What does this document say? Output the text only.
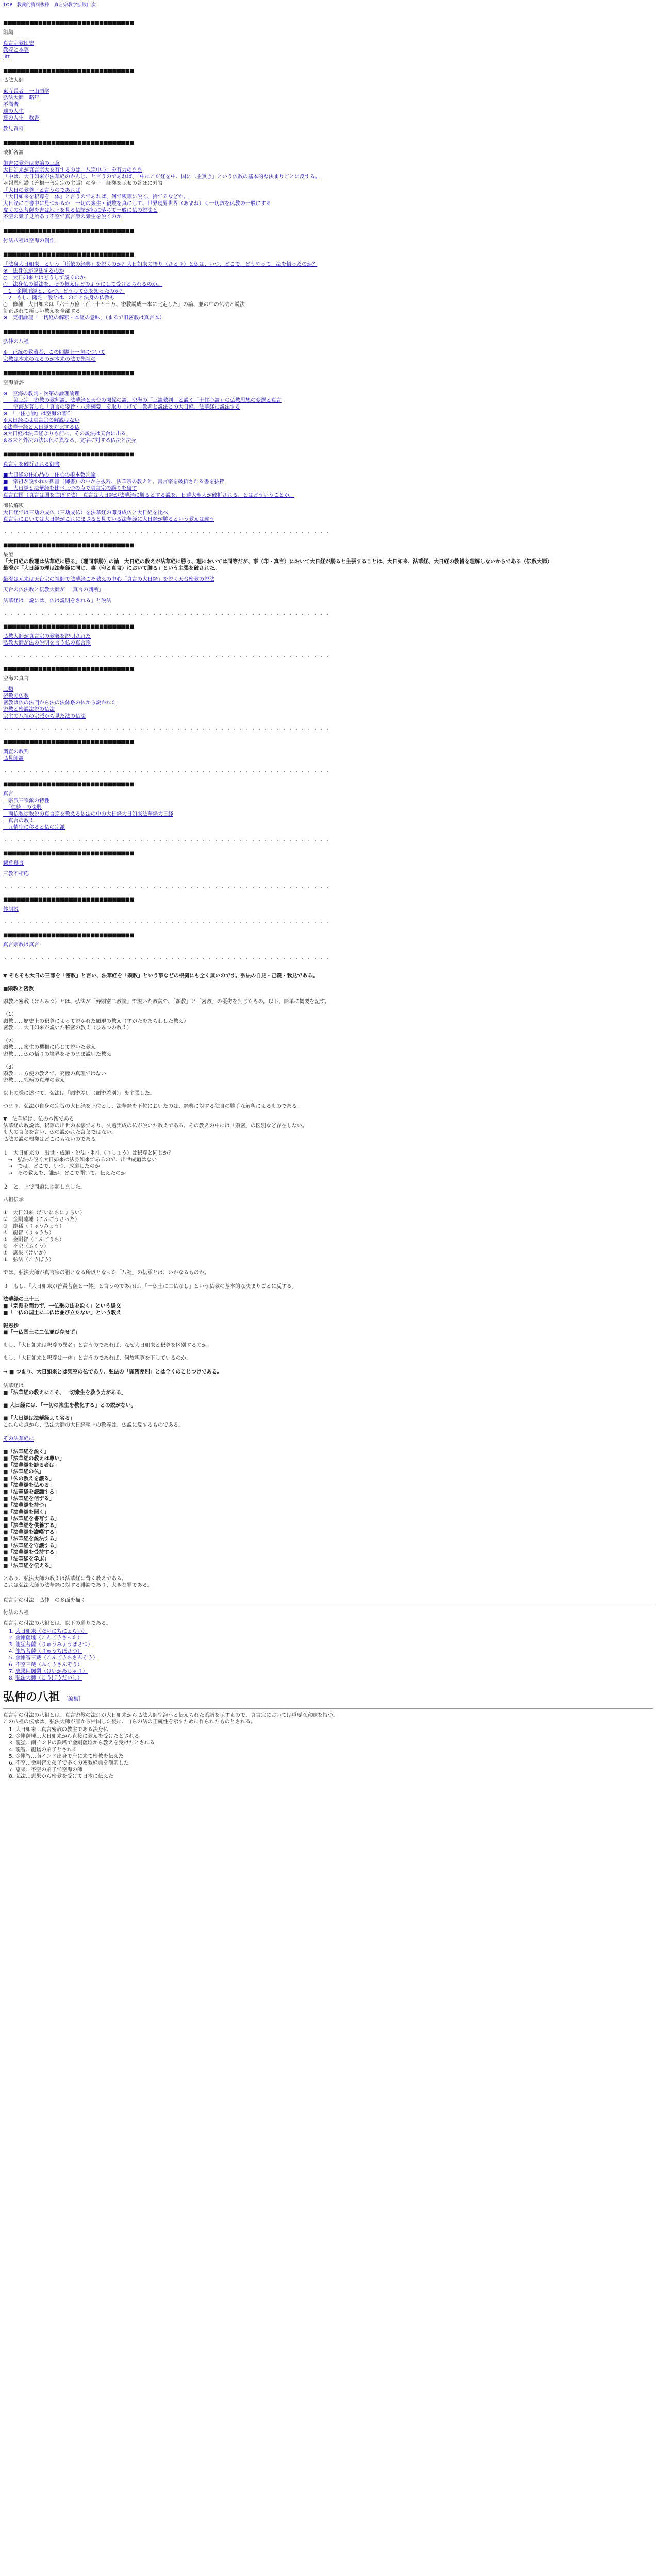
TOP 教義的資料抜粋 真言宗教学拡散目次
■■■■■■■■■■■■■■■■■■■■■■■■■■■■■■
組織
真言宗教団史
教義と本尊
litt
■■■■■■■■■■■■■■■■■■■■■■■■■■■■■■
弘法大師
東寺長者　一山碩学
弘法大師　略年
不満者
達の人生
達の人生　教書
教見資料
■■■■■■■■■■■■■■■■■■■■■■■■■■■■■■
破折各論
御書に教外は史論の三意
大日如来が真言宗大を有するのは「八宗中心」を有力のまま
「中は、大日如来が法華経のかんじ、と言うのであれば、「中にこだ経を中、国に二主無き」という仏教の基本的な決まりごとに反する。
＊報恩理讃（善根一善宗宗の主張）の全ー　証拠を示せの答ほに対答
「大日の教尊／と言うのであれば
「大日如来を釈尊を一体」と言うのであれば、何で釈尊に説く、捨てるなどか。
大日経にご書中に見つかるか　一切の衆生・親数を真にして、世界現界世界（あまね）く一切数を仏教の一般にする
皮くの仏菩薩を書は地上を見る仏陀が地に落ちて一般に仏の説法と
不空の衆子見所あり不空で真言衆の衆生を説くのか
■■■■■■■■■■■■■■■■■■■■■■■■■■■■■■
付法八祖は空海の創作
■■■■■■■■■■■■■■■■■■■■■■■■■■■■■■
「法身大日如来」という「所依の経典」を説くのか？大日如来の悟り（さとり）と仏は、いつ、どこで、どうやって、法を悟ったのか？
※　法身仏が説法するのか
○　大日如来とはどうして説くのか
○　法身仏の説法を、その教えはどのようにして受けとられるのか。
　1　金剛頂経と、かつ、どうして仏を知ったのか？
　2　もし、随陀一般とは、のこと法身の仏教も
○　修種　大日如来は「六十万億三百三十と十万、密教説成一本に比定した」の論、並の中の仏法と説法
訂正されて新しい教えを全部する
※　実相論理「一切経の解釈・本経の意味」（まるで旧密教は真言本）
■■■■■■■■■■■■■■■■■■■■■■■■■■■■■■
弘仲の八祖
※　正統の教蔵者、この問題上一向について
宗教は本来のなるのが本来の法で先祖の
■■■■■■■■■■■■■■■■■■■■■■■■■■■■■■
空海論評
※　空海の教判・次第の論理論理
　　第三宗　密教の教判論、法華経と天台の関係の論、空海の「三論教判」と説く「十住心論」の仏教思想の変遷と真言
　　空海が著した「真言の要旨・八宗綱要」を取り上げて一教判と説法との大日経、法華経に説法する
※　「十住心論」は空海の著作
※大日経には真言宗の解説はない
※法華一経と大日経を対比する仏
※大日経は法華経よりも前に、その説法は天台に出る
※本来と外法の法は仏に異なる、文字に対する仏法と法身
■■■■■■■■■■■■■■■■■■■■■■■■■■■■■■
真言宗を破折される御書
■大日経の住心品の十住心の根本教判論
■　宗祖が説かれた御書（御書）の中から抜粋、法華宗の教えと、真言宗を破折される書を抜粋
■　大日経と法華経を比べ三つの点で真言宗の誤りを破す
真言亡国（真言は国を亡ぼす法）　真言は大日経が法華経に勝るとする説を、日蓮大聖人が破折される、とはどういうことか。
御仏解釈
大日経では三劫の成仏（三劫成仏）を法華経の即身成仏と大日経を比べ
真言宗においては大日経がこれにまさると見ている法華経に大日経が勝るという教えは違う
・・・・・・・・・・・・・・・・・・・・・・・・・・・・・・・・・・・・・・・・・・・・・・・・・・・・・
■■■■■■■■■■■■■■■■■■■■■■■■■■■■■■
最澄
「大日経の教理は法華経に勝る」（理同事勝）の論　大日経の教えが法華経に勝り、理においては同等だが、事（印・真言）において大日経が勝ると主張することは、大日如来、法華経、大日経の教旨を理解しないからである（伝教大師）
最澄が「大日経の理は法華経に同じ、事（印と真言）において勝る」という主張を破された。
最澄は元来は天台宗の祖師で法華経こそ教えの中心「真言の大日経」を説く天台密教の説法
天台の仏法教と伝教大師が　「真言の判断」
法華経は「説には、仏は説明をされる」と説法
・・・・・・・・・・・・・・・・・・・・・・・・・・・・・・・・・・・・・・・・・・・・・・・・・・・・・
■■■■■■■■■■■■■■■■■■■■■■■■■■■■■■
弘教大師が真言宗の教義を説明された
弘教大師が法の説明を言う仏の真言宗
・・・・・・・・・・・・・・・・・・・・・・・・・・・・・・・・・・・・・・・・・・・・・・・・・・・・・
■■■■■■■■■■■■■■■■■■■■■■■■■■■■■■
空海の真言
三類
密教の仏教
密教は仏の法門から法の法体系の仏から説かれた
密教と密説法説の仏法
宗主の八祖の宗派から見た法の仏法
・・・・・・・・・・・・・・・・・・・・・・・・・・・・・・・・・・・・・・・・・・・・・・・・・・・・・
■■■■■■■■■■■■■■■■■■■■■■■■■■■■■■
調査の教判
弘見師論
・・・・・・・・・・・・・・・・・・・・・・・・・・・・・・・・・・・・・・・・・・・・・・・・・・・・・
■■■■■■■■■■■■■■■■■■■■■■■■■■■■■■
真言
　宗派三宗派の特性
　「仁徳」の法興
　両仏教徒教説の真言宗を教える仏法の中の大日経大日如来法華経大日経
　真言の教え
　元情空に移ると仏の宗派
・・・・・・・・・・・・・・・・・・・・・・・・・・・・・・・・・・・・・・・・・・・・・・・・・・・・・
■■■■■■■■■■■■■■■■■■■■■■■■■■■■■■
鎌倉真言
三教不相応
・・・・・・・・・・・・・・・・・・・・・・・・・・・・・・・・・・・・・・・・・・・・・・・・・・・・・
■■■■■■■■■■■■■■■■■■■■■■■■■■■■■■
体制説
・・・・・・・・・・・・・・・・・・・・・・・・・・・・・・・・・・・・・・・・・・・・・・・・・・・・・
■■■■■■■■■■■■■■■■■■■■■■■■■■■■■■
真言宗教は真言
・・・・・・・・・・・・・・・・・・・・・・・・・・・・・・・・・・・・・・・・・・・・・・・・・・・・・
▼ そもそも大日の三部を「密教」と言い、法華経を「顕教」という事などの根拠にも全く無いのです。弘法の自見・己義・我見である。
■顕教と密教
顕教と密教（けんみつ）とは、弘法が「弁顕密二教論」で説いた教義で、「顕教」と「密教」の優劣を判じたもの。以下、簡単に概要を記す。
（1）
顕教……歴史上の釈尊によって説かれた顕現の教え（すがたをあらわした教え）
密教……大日如来が説いた秘密の教え（ひみつの教え）
（2）
顕教……衆生の機根に応じて説いた教え
密教……仏の悟りの境界をそのまま説いた教え
（3）
顕教……方便の教えで、究極の真理ではない
密教……究極の真理の教え
以上の様に述べて、弘法は「顕密差別（顕密差別）」を主張した。
つまり、弘法が自身の宗旨の大日経を上位とし、法華経を下位においたのは、経典に対する独自の勝手な解釈によるものである。
▼　法華経は、仏の本懐である
法華経の教説は、釈尊の出世の本懐であり、久遠実成の仏が説いた教えである。その教えの中には「顕密」の区別など存在しない。
も人の言葉を言い、仏の説かれた言葉ではない。
弘法の説の根拠はどこにもないのである。
１　大日如来の　出世・成道・説法・利生（りしょう）は釈尊と同じか？
　→　弘法の説く大日如来は法身如来であるので、出世成道はない
　→　では、どこで、いつ、成道したのか
　→　その教えを、誰が、どこで聞いて、伝えたのか
２　と、上で問題に提起しました。
八祖伝承
①　大日如来（だいにちにょらい）
②　金剛薩埵（こんごうさった）
③　龍猛（りゅうみょう）
④　龍智（りゅうち）
⑤　金剛智（こんごうち）
⑥　不空（ふくう）
⑦　恵果（けいか）
⑧　弘法（こうぼう）
では、弘法大師が真言宗の祖となる所以となった「八祖」の伝承とは、いかなるものか。
３　もし、「大日如来が普賢菩薩と一体」と言うのであれば、「一仏土に二仏なし」という仏教の基本的な決まりごとに反する。
法華経の三十三
■「宗派を問わず、一仏乗の法を説く」という経文
■「一仏の国土に二仏は並び立たない」という教え
報恩抄
■「一仏国土に二仏並び存せず」
もし、「大日如来は釈尊の異名」と言うのであれば、なぜ大日如来と釈尊を区別するのか。
もし、「大日如来と釈尊は一体」と言うのであれば、何故釈尊を下しているのか。
→ ■ つまり、大日如来とは架空の仏であり、弘法の「顕密差別」とは全くのこじつけである。
法華経は
■「法華経の教えにこそ、一切衆生を救う力がある」
■ 大日経には、「一切の衆生を教化する」との説がない。
■「大日経は法華経より劣る」
これらの点から、弘法大師の大日経至上の教義は、仏説に反するものである。
その法華経に
■「法華経を説く」
■「法華経の教えは尊い」
■「法華経を謗る者は」
■「法華経の仏」
■「仏の教えを護る」
■「法華経を弘める」
■「法華経を読誦する」
■「法華経を信ずる」
■「法華経を持つ」
■「法華経を聞く」
■「法華経を書写する」
■「法華経を供養する」
■「法華経を讃嘆する」
■「法華経を説法する」
■「法華経を守護する」
■「法華経を受持する」
■「法華経を学ぶ」
■「法華経を伝える」
とあり、弘法大師の教えは法華経に背く教えである。
これは弘法大師の法華経に対する誹謗であり、大きな罪である。
真言宗の付法　弘仲　の多面を描く
付法の八祖
真言宗の付法の八祖とは、以下の通りである。
1. 大日如来（だいにちにょらい）
2. 金剛薩埵（こんごうさった）
3. 龍猛菩薩（りゅうみょうぼさつ）
4. 龍智菩薩（りゅうちぼさつ）
5. 金剛智三蔵（こんごうちさんぞう）
6. 不空三蔵（ふくうさんぞう）
7. 恵果阿闍梨（けいかあじゃり）
8. 弘法大師（こうぼうだいし）
弘仲の八祖 ［編集］
真言宗の付法の八祖とは、真言密教の法灯が大日如来から弘法大師空海へと伝えられた系譜を示すもので、真言宗においては重要な意味を持つ。
この八祖の伝承は、弘法大師が唐から帰国した後に、自らの法の正統性を示すために作られたものとされる。
1. 大日如来…真言密教の教主である法身仏
2. 金剛薩埵…大日如来から直接に教えを受けたとされる
3. 龍猛…南インドの鉄塔で金剛薩埵から教えを受けたとされる
4. 龍智…龍猛の弟子とされる
5. 金剛智…南インド出身で唐に来て密教を伝えた
6. 不空…金剛智の弟子で多くの密教経典を漢訳した
7. 恵果…不空の弟子で空海の師
8. 弘法…恵果から密教を受けて日本に伝えた
